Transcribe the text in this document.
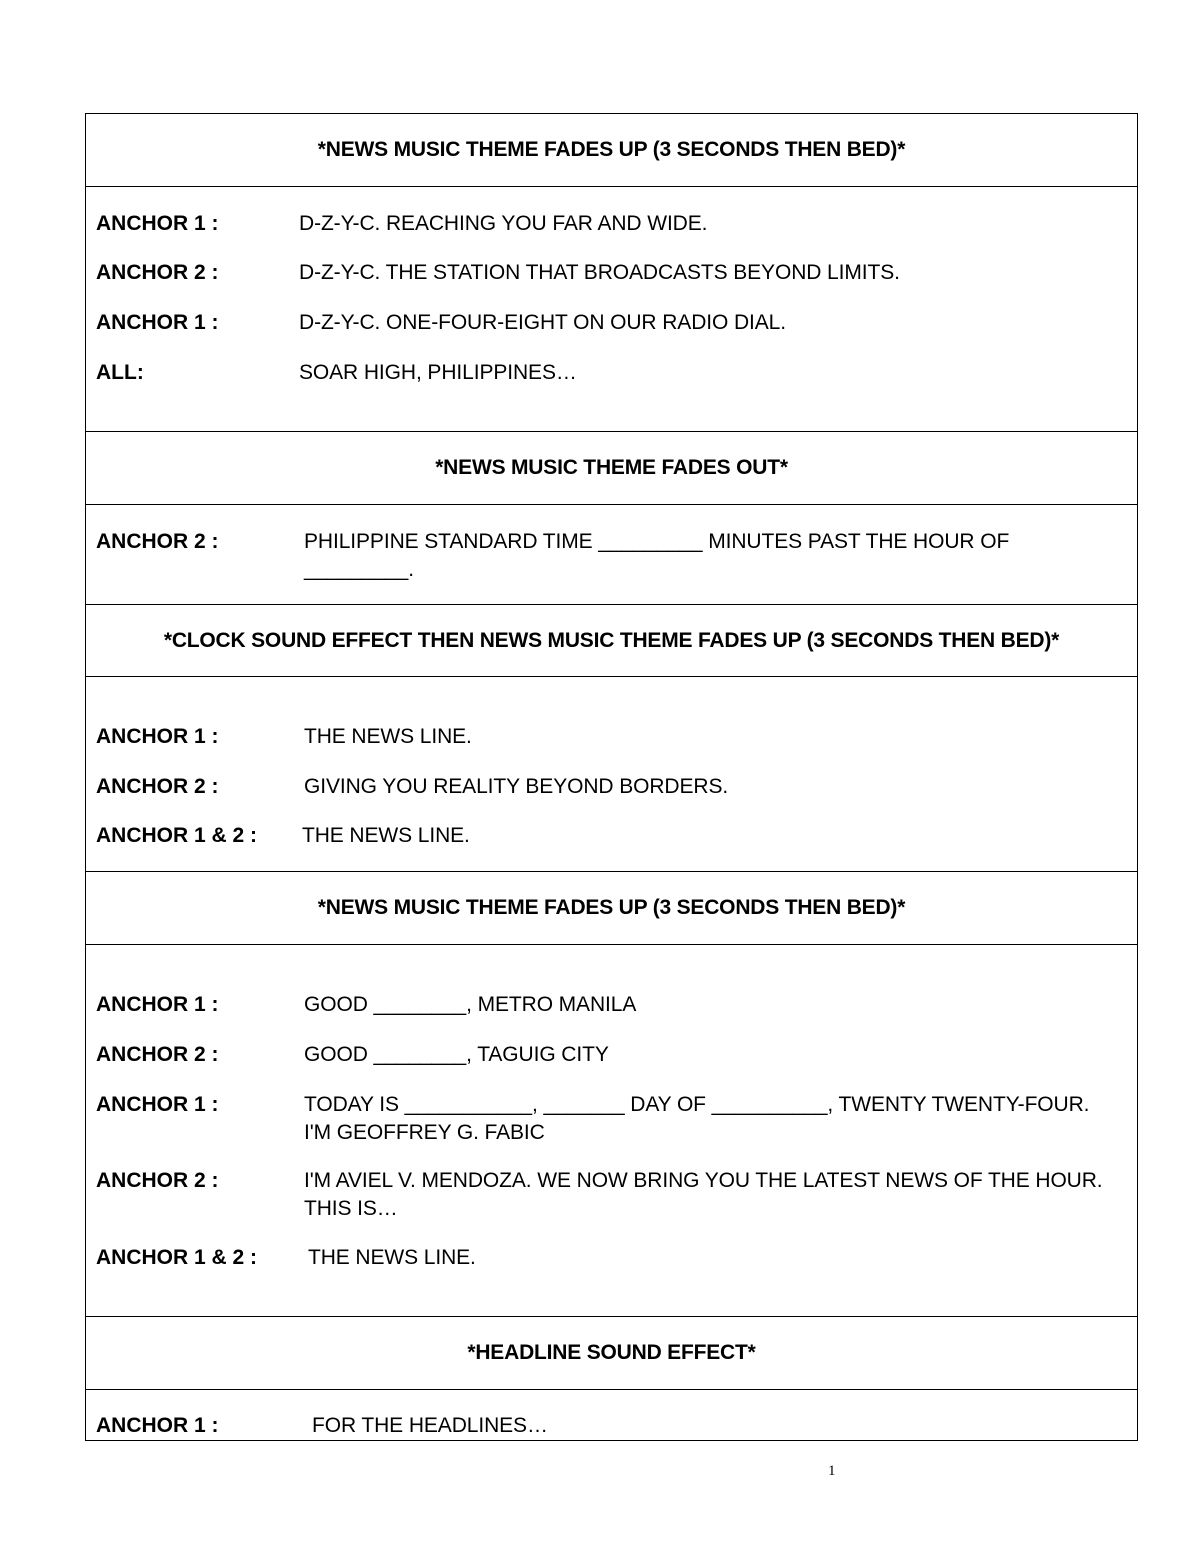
*NEWS MUSIC THEME FADES UP (3 SECONDS THEN BED)*
ANCHOR 1 :	D-Z-Y-C. REACHING YOU FAR AND WIDE.
ANCHOR 2 :	D-Z-Y-C. THE STATION THAT BROADCASTS BEYOND LIMITS.
ANCHOR 1 :	D-Z-Y-C. ONE-FOUR-EIGHT ON OUR RADIO DIAL.
ALL:	SOAR HIGH, PHILIPPINES…
*NEWS MUSIC THEME FADES OUT*
ANCHOR 2 :	PHILIPPINE STANDARD TIME _________ MINUTES PAST THE HOUR OF _________.
*CLOCK SOUND EFFECT THEN NEWS MUSIC THEME FADES UP (3 SECONDS THEN BED)*
ANCHOR 1 :	THE NEWS LINE.
ANCHOR 2 :	GIVING YOU REALITY BEYOND BORDERS.
ANCHOR 1 & 2 : THE NEWS LINE.
*NEWS MUSIC THEME FADES UP (3 SECONDS THEN BED)*
ANCHOR 1 :	GOOD ________, METRO MANILA
ANCHOR 2 :	GOOD ________, TAGUIG CITY
ANCHOR 1 :	TODAY IS ___________, _______ DAY OF __________, TWENTY TWENTY-FOUR. I'M GEOFFREY G. FABIC
ANCHOR 2 :	I'M AVIEL V. MENDOZA. WE NOW BRING YOU THE LATEST NEWS OF THE HOUR. THIS IS…
ANCHOR 1 & 2 : THE NEWS LINE.
*HEADLINE SOUND EFFECT*
ANCHOR 1 :	FOR THE HEADLINES…
1
